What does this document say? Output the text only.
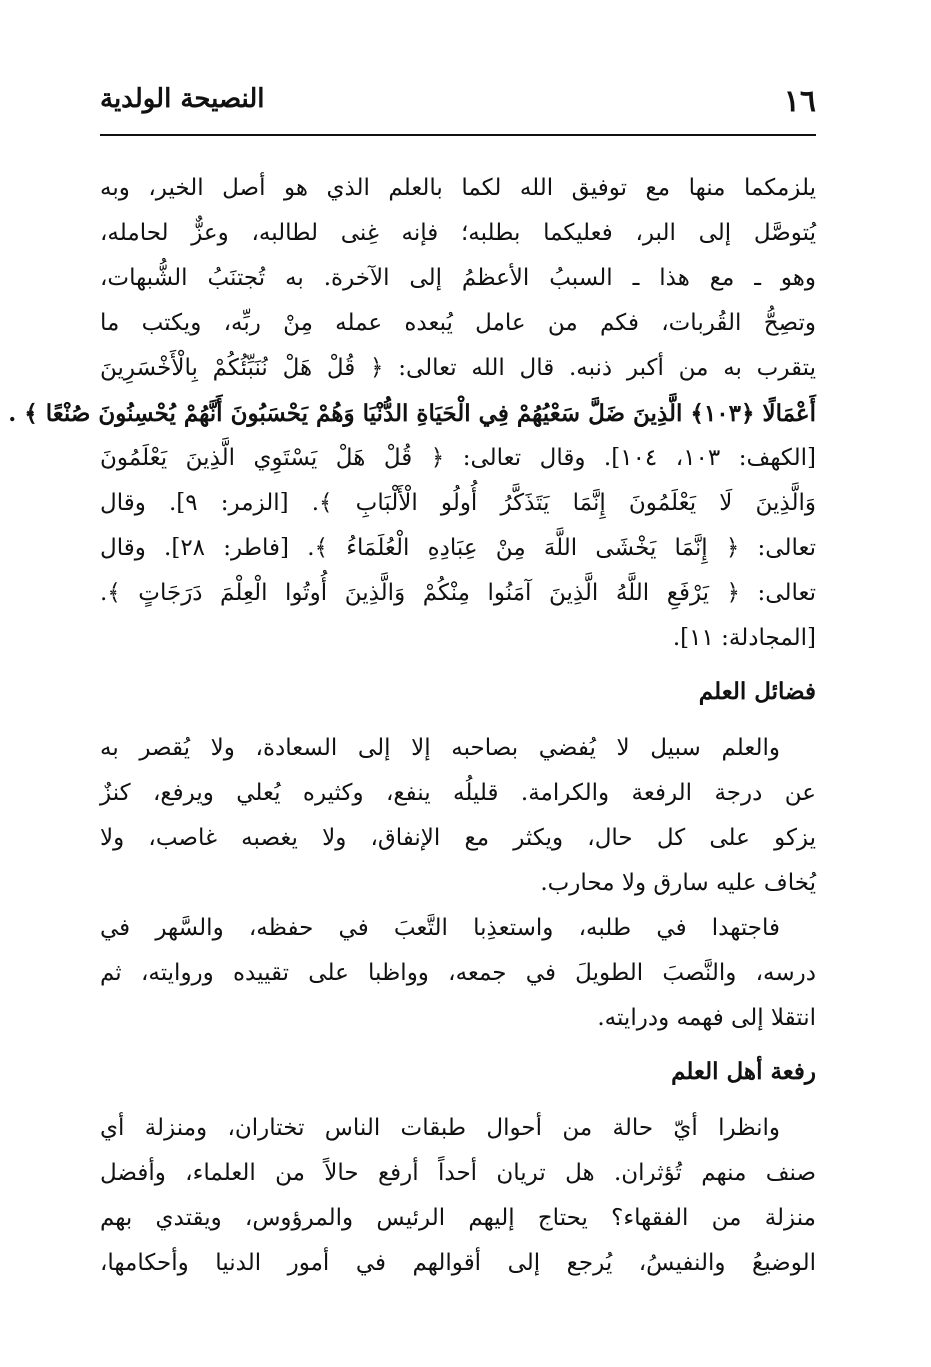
١٦
النصيحة الولدية
يلزمكما منها مع توفيق الله لكما بالعلم الذي هو أصل الخير، وبه
يُتوصَّل إلى البر، فعليكما بطلبه؛ فإنه غِنى لطالبه، وعزٌّ لحامله،
وهو ـ مع هذا ـ السببُ الأعظمُ إلى الآخرة. به تُجتنَبُ الشُّبهات،
وتصِحُّ القُربات، فكم من عامل يُبعده عمله مِنْ ربِّه، ويكتب ما
يتقرب به من أكبر ذنبه. قال الله تعالى: ﴿ قُلْ هَلْ نُنَبِّئُكُمْ بِالْأَخْسَرِينَ
أَعْمَالًا ﴿١٠٣﴾ الَّذِينَ ضَلَّ سَعْيُهُمْ فِي الْحَيَاةِ الدُّنْيَا وَهُمْ يَحْسَبُونَ أَنَّهُمْ يُحْسِنُونَ صُنْعًا ﴾ .
[الكهف: ١٠٣، ١٠٤]. وقال تعالى: ﴿ قُلْ هَلْ يَسْتَوِي الَّذِينَ يَعْلَمُونَ
وَالَّذِينَ لَا يَعْلَمُونَ إِنَّمَا يَتَذَكَّرُ أُولُو الْأَلْبَابِ ﴾. [الزمر: ٩]. وقال
تعالى: ﴿ إِنَّمَا يَخْشَى اللَّهَ مِنْ عِبَادِهِ الْعُلَمَاءُ ﴾. [فاطر: ٢٨]. وقال
تعالى: ﴿ يَرْفَعِ اللَّهُ الَّذِينَ آمَنُوا مِنْكُمْ وَالَّذِينَ أُوتُوا الْعِلْمَ دَرَجَاتٍ ﴾.
[المجادلة: ١١].
فضائل العلم
والعلم سبيل لا يُفضي بصاحبه إلا إلى السعادة، ولا يُقصر به
عن درجة الرفعة والكرامة. قليلُه ينفع، وكثيره يُعلي ويرفع، كنزٌ
يزكو على كل حال، ويكثر مع الإنفاق، ولا يغصبه غاصب، ولا
يُخاف عليه سارق ولا محارب.
فاجتهدا في طلبه، واستعذِبا التَّعبَ في حفظه، والسَّهر في
درسه، والنَّصبَ الطويلَ في جمعه، وواظبا على تقييده وروايته، ثم
انتقلا إلى فهمه ودرايته.
رفعة أهل العلم
وانظرا أيّ حالة من أحوال طبقات الناس تختاران، ومنزلة أي
صنف منهم تُؤثران. هل تريان أحداً أرفع حالاً من العلماء، وأفضل
منزلة من الفقهاء؟ يحتاج إليهم الرئيس والمرؤوس، ويقتدي بهم
الوضيعُ والنفيسُ، يُرجع إلى أقوالهم في أمور الدنيا وأحكامها،
